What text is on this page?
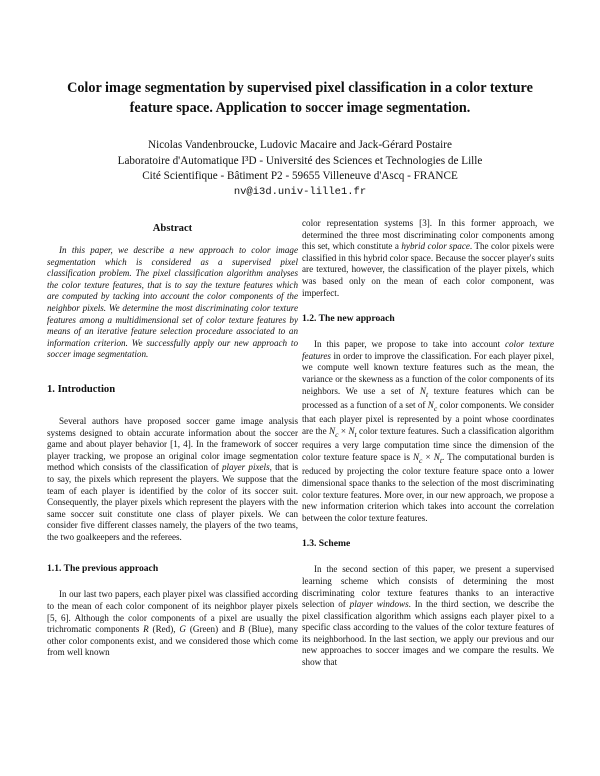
Color image segmentation by supervised pixel classification in a color texture
feature space. Application to soccer image segmentation.
Nicolas Vandenbroucke, Ludovic Macaire and Jack-Gérard Postaire
Laboratoire d'Automatique I³D - Université des Sciences et Technologies de Lille
Cité Scientifique - Bâtiment P2 - 59655 Villeneuve d'Ascq - FRANCE
nv@i3d.univ-lille1.fr
Abstract

In this paper, we describe a new approach to color image segmentation which is considered as a supervised pixel classification problem. The pixel classification algorithm analyses the color texture features, that is to say the texture features which are computed by tacking into account the color components of the neighbor pixels. We determine the most discriminating color texture features among a multidimensional set of color texture features by means of an iterative feature selection procedure associated to an information criterion. We successfully apply our new approach to soccer image segmentation.

1. Introduction

Several authors have proposed soccer game image analysis systems designed to obtain accurate information about the soccer game and about player behavior [1, 4]. In the framework of soccer player tracking, we propose an original color image segmentation method which consists of the classification of player pixels, that is to say, the pixels which represent the players. We suppose that the team of each player is identified by the color of its soccer suit. Consequently, the player pixels which represent the players with the same soccer suit constitute one class of player pixels. We can consider five different classes namely, the players of the two teams, the two goalkeepers and the referees.

1.1. The previous approach

In our last two papers, each player pixel was classified according to the mean of each color component of its neighbor player pixels [5, 6]. Although the color components of a pixel are usually the trichromatic components R (Red), G (Green) and B (Blue), many other color components exist, and we considered those which come from well known

color representation systems [3]. In this former approach, we determined the three most discriminating color components among this set, which constitute a hybrid color space. The color pixels were classified in this hybrid color space. Because the soccer player's suits are textured, however, the classification of the player pixels, which was based only on the mean of each color component, was imperfect.

1.2. The new approach

In this paper, we propose to take into account color texture features in order to improve the classification. For each player pixel, we compute well known texture features such as the mean, the variance or the skewness as a function of the color components of its neighbors. We use a set of $N_t$ texture features which can be processed as a function of a set of $N_c$ color components. We consider that each player pixel is represented by a point whose coordinates are the $N_c \times N_t$ color texture features. Such a classification algorithm requires a very large computation time since the dimension of the color texture feature space is $N_c \times N_t$. The computational burden is reduced by projecting the color texture feature space onto a lower dimensional space thanks to the selection of the most discriminating color texture features. More over, in our new approach, we propose a new information criterion which takes into account the correlation between the color texture features.

1.3. Scheme

In the second section of this paper, we present a supervised learning scheme which consists of determining the most discriminating color texture features thanks to an interactive selection of player windows. In the third section, we describe the pixel classification algorithm which assigns each player pixel to a specific class according to the values of the color texture features of its neighborhood. In the last section, we apply our previous and our new approaches to soccer images and we compare the results. We show that
